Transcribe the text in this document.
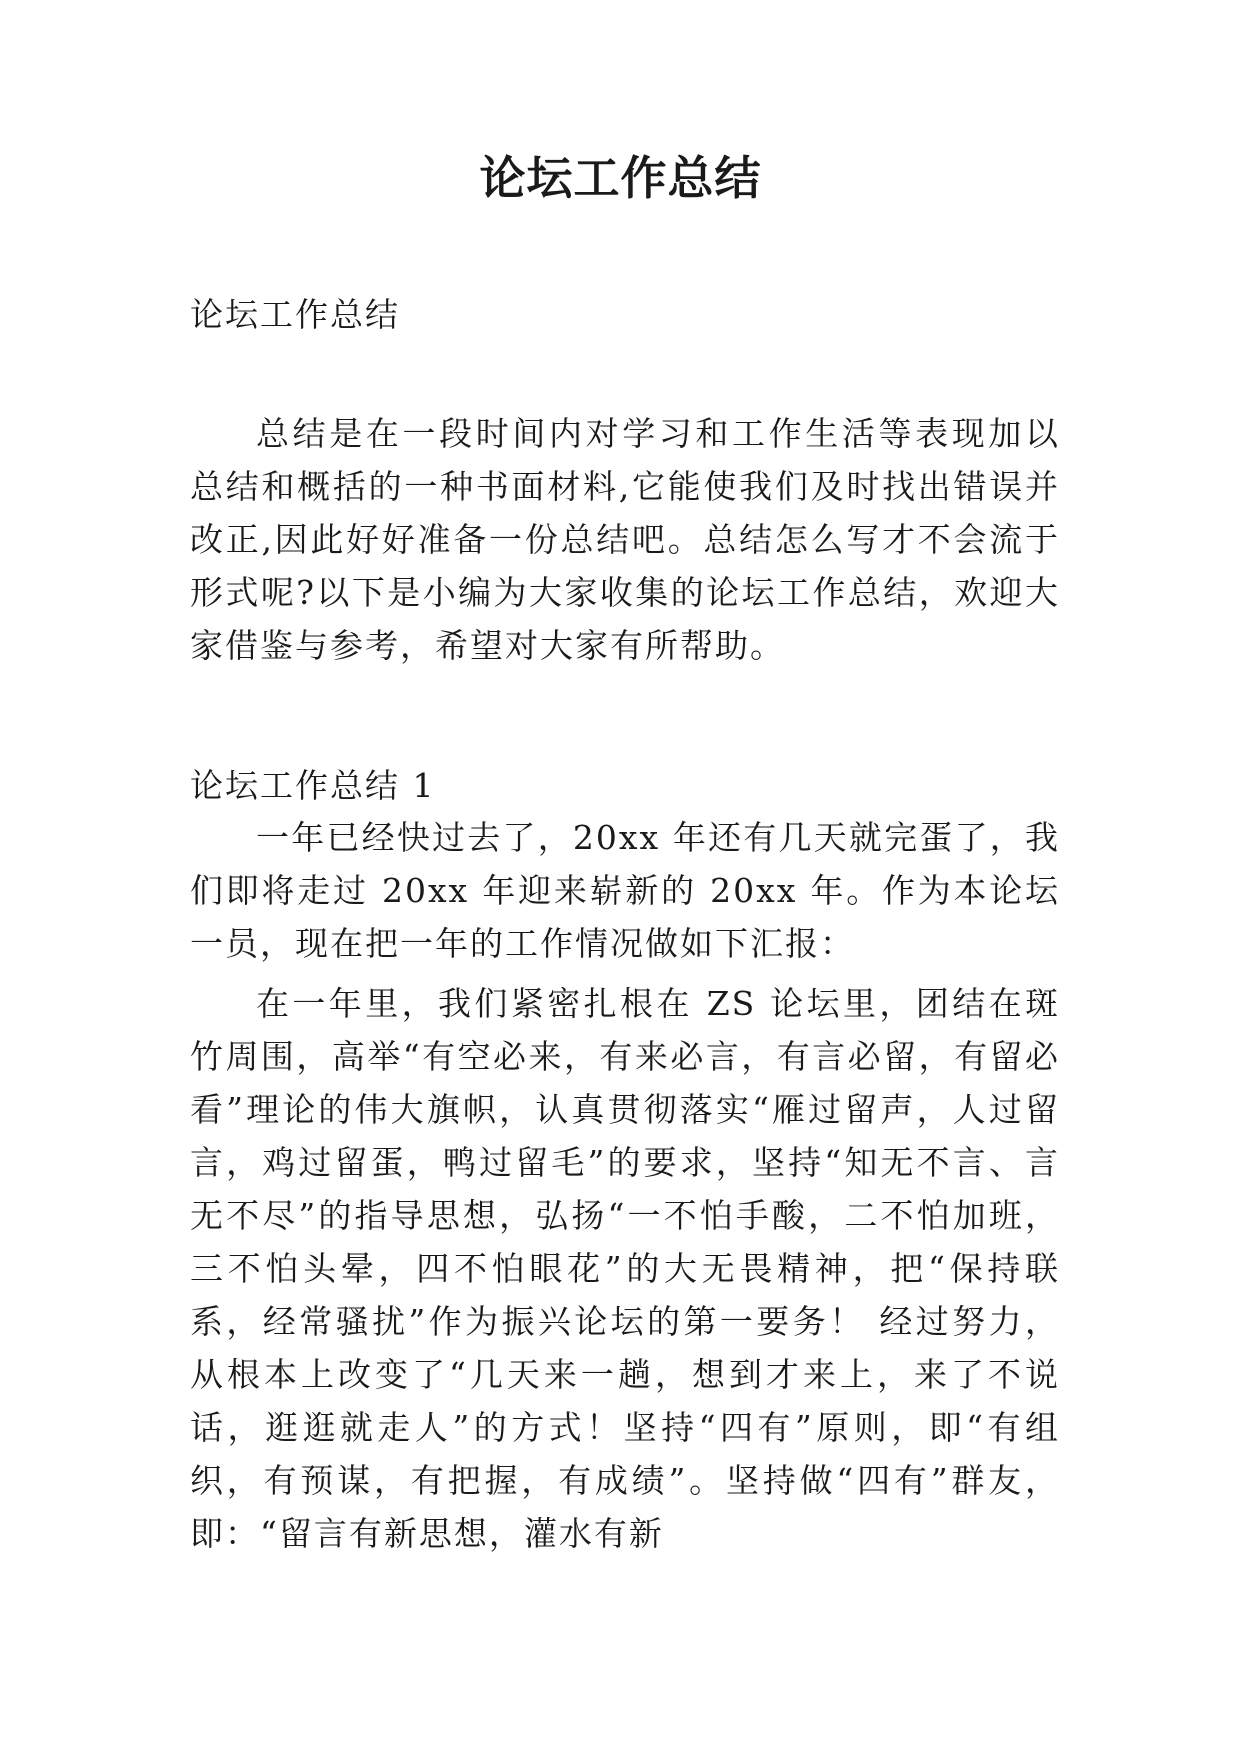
论坛工作总结

论坛工作总结

总结是在一段时间内对学习和工作生活等表现加以总结和概括的一种书面材料,它能使我们及时找出错误并改正,因此好好准备一份总结吧。总结怎么写才不会流于形式呢?以下是小编为大家收集的论坛工作总结，欢迎大家借鉴与参考，希望对大家有所帮助。

论坛工作总结 1

一年已经快过去了，20xx 年还有几天就完蛋了，我们即将走过 20xx 年迎来崭新的 20xx 年。作为本论坛一员，现在把一年的工作情况做如下汇报：

在一年里，我们紧密扎根在 ZS 论坛里，团结在斑竹周围，高举“有空必来，有来必言，有言必留，有留必看”理论的伟大旗帜，认真贯彻落实“雁过留声，人过留言，鸡过留蛋，鸭过留毛”的要求，坚持“知无不言、言无不尽”的指导思想，弘扬“一不怕手酸，二不怕加班，三不怕头晕，四不怕眼花”的大无畏精神，把“保持联系，经常骚扰”作为振兴论坛的第一要务！ 经过努力，从根本上改变了“几天来一趟，想到才来上，来了不说话，逛逛就走人”的方式！坚持“四有”原则，即“有组织，有预谋，有把握，有成绩”。坚持做“四有”群友，即：“留言有新思想，灌水有新
